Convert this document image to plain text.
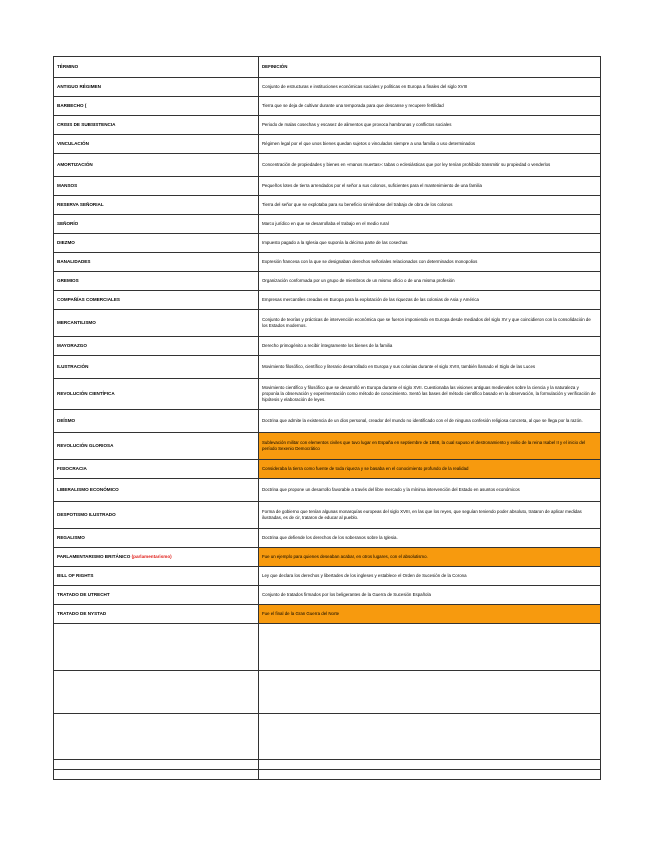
TÉRMINO	DEFINICIÓN
ANTIGUO RÉGIMEN	Conjunto de estructuras e instituciones económicas sociales y políticas en Europa a finales del siglo XVIII
BARBECHO (	Tierra que se deja de cultivar durante una temporada para que descanse y recupere fertilidad
CRISIS DE SUBSISTENCIA	Periodo de malas cosechas y escasez de alimentos que provoca hambrunas y conflictos sociales
VINCULACIÓN	Régimen legal por el que unos bienes quedan sujetos o vinculados siempre a una familia o uso determinados
AMORTIZACIÓN	Concentración de propiedades y bienes en «manos muertas»: tabas o eclesiásticas que por ley tenían prohibido transmitir su propiedad o venderlos
MANSOS	Pequeños lotes de tierra arrendados por el señor a sus colonos, suficientes para el mantenimiento de una familia
RESERVA SEÑORIAL	Tierra del señor que se explotaba para su beneficio sirviéndose del trabajo de obra de los colonos
SEÑORÍO	Marco jurídico en que se desarrollaba el trabajo en el medio rural
DIEZMO	Impuesto pagado a la Iglesia que suponía la décima parte de las cosechas
BANALIDADES	Expresión francesa con la que se designaban derechos señoriales relacionados con determinados monopolios
GREMIOS	Organización conformada por un grupo de miembros de un mismo oficio o de una misma profesión
COMPAÑÍAS COMERCIALES	Empresas mercantiles creadas en Europa para la explotación de las riquezas de las colonias de Asia y América
MERCANTILISMO	Conjunto de teorías y prácticas de intervención económica que se fueron imponiendo en Europa desde mediados del siglo XV y que coincidieron con la consolidación de los Estados modernos.
MAYORAZGO	Derecho primogénito a recibir íntegramente los bienes de la familia
ILUSTRACIÓN	Movimiento filosófico, científico y literario desarrollado en Europa y sus colonias durante el siglo XVIII, también llamado el Siglo de las Luces
REVOLUCIÓN CIENTÍFICA	Movimiento científico y filosófico que se desarrolló en Europa durante el siglo XVII. Cuestionaba las visiones antiguas medievales sobre la ciencia y la naturaleza y proponía la observación y experimentación como método de conocimiento. Sentó las bases del método científico basado en la observación, la formulación y verificación de hipótesis y elaboración de leyes.
DEÍSMO	Doctrina que admite la existencia de un dios personal, creador del mundo no identificado con el de ninguna confesión religiosa concreta, al que se llega por la razón.
REVOLUCIÓN GLORIOSA	Sublevación militar con elementos civiles que tuvo lugar en España en septiembre de 1868, la cual supuso el destronamiento y exilio de la reina Isabel II y el inicio del período Sexenio Democrático
FISIOCRACIA	Consideraba la tierra como fuente de toda riqueza y se basaba en el conocimiento profundo de la realidad
LIBERALISMO ECONÓMICO	Doctrina que propone un desarrollo favorable a través del libre mercado y la mínima intervención del Estado en asuntos económicos
DESPOTISMO ILUSTRADO	Forma de gobierno que tenían algunas monarquías europeas del siglo XVIII, en las que los reyes, que seguían teniendo poder absoluto, trataron de aplicar medidas ilustradas, es de cir, trataron de educar al pueblo.
REGALISMO	Doctrina que defiende los derechos de los soberanos sobre la Iglesia.
PARLAMENTARISMO BRITÁNICO (parlamentarismo)	Fue un ejemplo para quienes deseaban acabar, en otros lugares, con el absolutismo.
BILL OF RIGHTS	Ley que declara los derechos y libertades de los ingleses y establece el Orden de Sucesión de la Corona
TRATADO DE UTRECHT	Conjunto de tratados firmados por los beligerantes de la Guerra de Sucesión Española
TRATADO DE NYSTAD	Fue el final de la Gran Guerra del Norte
